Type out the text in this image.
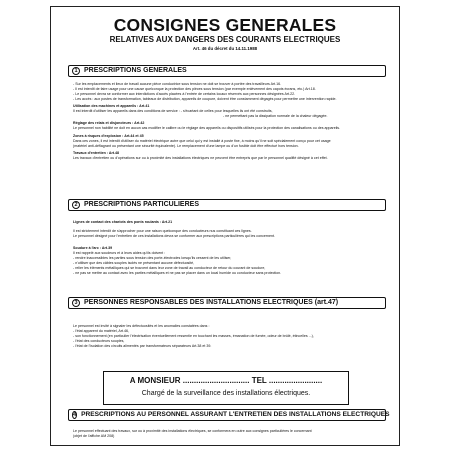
CONSIGNES GENERALES
RELATIVES AUX DANGERS DES COURANTS ELECTRIQUES
Art. 46 du décret du 14.11.1988
1 PRESCRIPTIONS GENERALES
- Sur les emplacements et lieux de travail aucune pièce conductrice sous tension ne doit se trouver à portée des travailleurs Art.16.
- Il est interdit de faire usage pour une cause quelconque la protection des pièces sous tension (par exemple enlèvement des capots écrans, etc.) Art.18.
- Le personnel devra se conformer aux interdictions d'accès placées à l'entrée de certains locaux réservés aux personnes désignées Art.22.
- Les accès : aux postes de transformation, tableaux de distribution, appareils de coupure, doivent être constamment dégagés pour permettre une intervention rapide.
Utilisation des machines et appareils : Art.41
Il est interdit d'utiliser les appareils dans des conditions de service : - s'écartant de celles pour lesquelles ils ont été construits,
- ne permettant pas la dissipation normale de la chaleur dégagée.
Réglage des relais et disjoncteurs : Art.42
Le personnel non habilité ne doit en aucun cas modifier le calibre ou le réglage des appareils ou dispositifs utilisés pour la protection des canalisations ou des appareils.
Zones à risques d'explosion : Art.44 et 45
Dans ces zones, il est interdit d'utiliser du matériel électrique autre que celui qui y est installé à poste fixe, à moins qu'il ne soit spécialement conçu pour cet usage
(matériel anti-déflagrant ou présentant une sécurité équivalente). Le remplacement d'une lampe ou d'un fusible doit être effectué hors tension.
Travaux d'entretien : Art.48
Les travaux d'entretien ou d'opérations sur ou à proximité des installations électriques ne peuvent être entrepris que par le personnel qualifié désigné à cet effet.
2 PRESCRIPTIONS PARTICULIERES
Lignes de contact des chariots des ponts roulants : Art.21
Il est strictement interdit de s'approcher pour une raison quelconque des conducteurs nus constituant ces lignes.
Le personnel désigné pour l'entretien de ces installations devra se conformer aux prescriptions particulières qui les concernent.
Soudure à l'arc : Art.39
Il est rappelé aux soudeurs et à leurs aides qu'ils doivent :
- rendre inaccessibles les parties sous tension des porte-électrodes lorsqu'ils cessent de les utiliser,
- n'utiliser que des câbles souples isolés ne présentant aucune défectuosité,
- relier les éléments métalliques qui se trouvent dans leur zone de travail au conducteur de retour du courant de soudure,
- ne pas se mettre au contact avec les parties métalliques et ne pas se placer dans un local humide ou conducteur sans protection.
3 PERSONNES RESPONSABLES DES INSTALLATIONS ELECTRIQUES (art.47)
Le personnel est invité à signaler les défectuosités et les anomalies constatées dans :
- l'état apparent du matériel, Art.46,
- son fonctionnement (en particulier l'électrisation éventuellement ressentie en touchant les masses, émanation de fumée, odeur de brûlé, étincelles ...),
- l'état des conducteurs souples,
- l'état de l'isolation des circuits alimentés par transformateurs séparateurs Art.38 et 39.
A MONSIEUR .............................. TEL ........................
Chargé de la surveillance des installations électriques.
4 PRESCRIPTIONS AU PERSONNEL ASSURANT L'ENTRETIEN DES INSTALLATIONS ELECTRIQUES
Le personnel effectuant des travaux, sur ou à proximité des installations électriques, se conformera en outre aux consignes particulières le concernant
(objet de l'affiche AM 208)
